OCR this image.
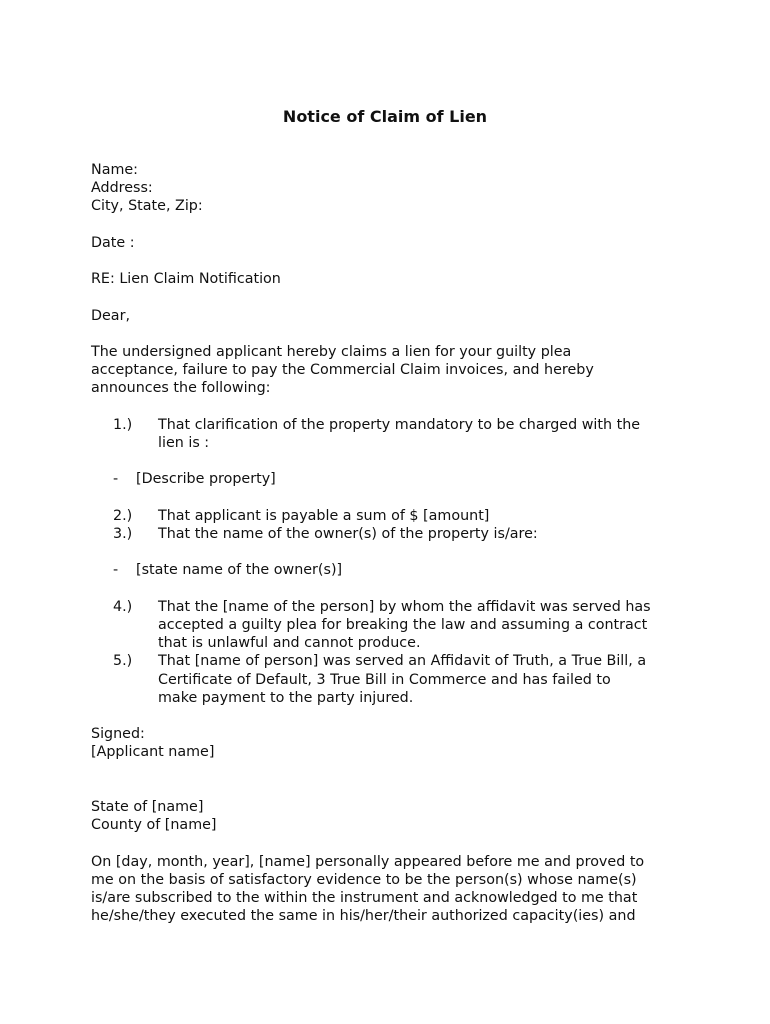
Notice of Claim of Lien
Name:
Address:
City, State, Zip:
Date :
RE: Lien Claim Notification
Dear,
The undersigned applicant hereby claims a lien for your guilty plea
acceptance, failure to pay the Commercial Claim invoices, and hereby
announces the following:
1.) That clarification of the property mandatory to be charged with the
lien is :
- [Describe property]
2.) That applicant is payable a sum of $ [amount]
3.) That the name of the owner(s) of the property is/are:
- [state name of the owner(s)]
4.) That the [name of the person] by whom the affidavit was served has
accepted a guilty plea for breaking the law and assuming a contract
that is unlawful and cannot produce.
5.) That [name of person] was served an Affidavit of Truth, a True Bill, a
Certificate of Default, 3 True Bill in Commerce and has failed to
make payment to the party injured.
Signed:
[Applicant name]
State of [name]
County of [name]
On [day, month, year], [name] personally appeared before me and proved to
me on the basis of satisfactory evidence to be the person(s) whose name(s)
is/are subscribed to the within the instrument and acknowledged to me that
he/she/they executed the same in his/her/their authorized capacity(ies) and
